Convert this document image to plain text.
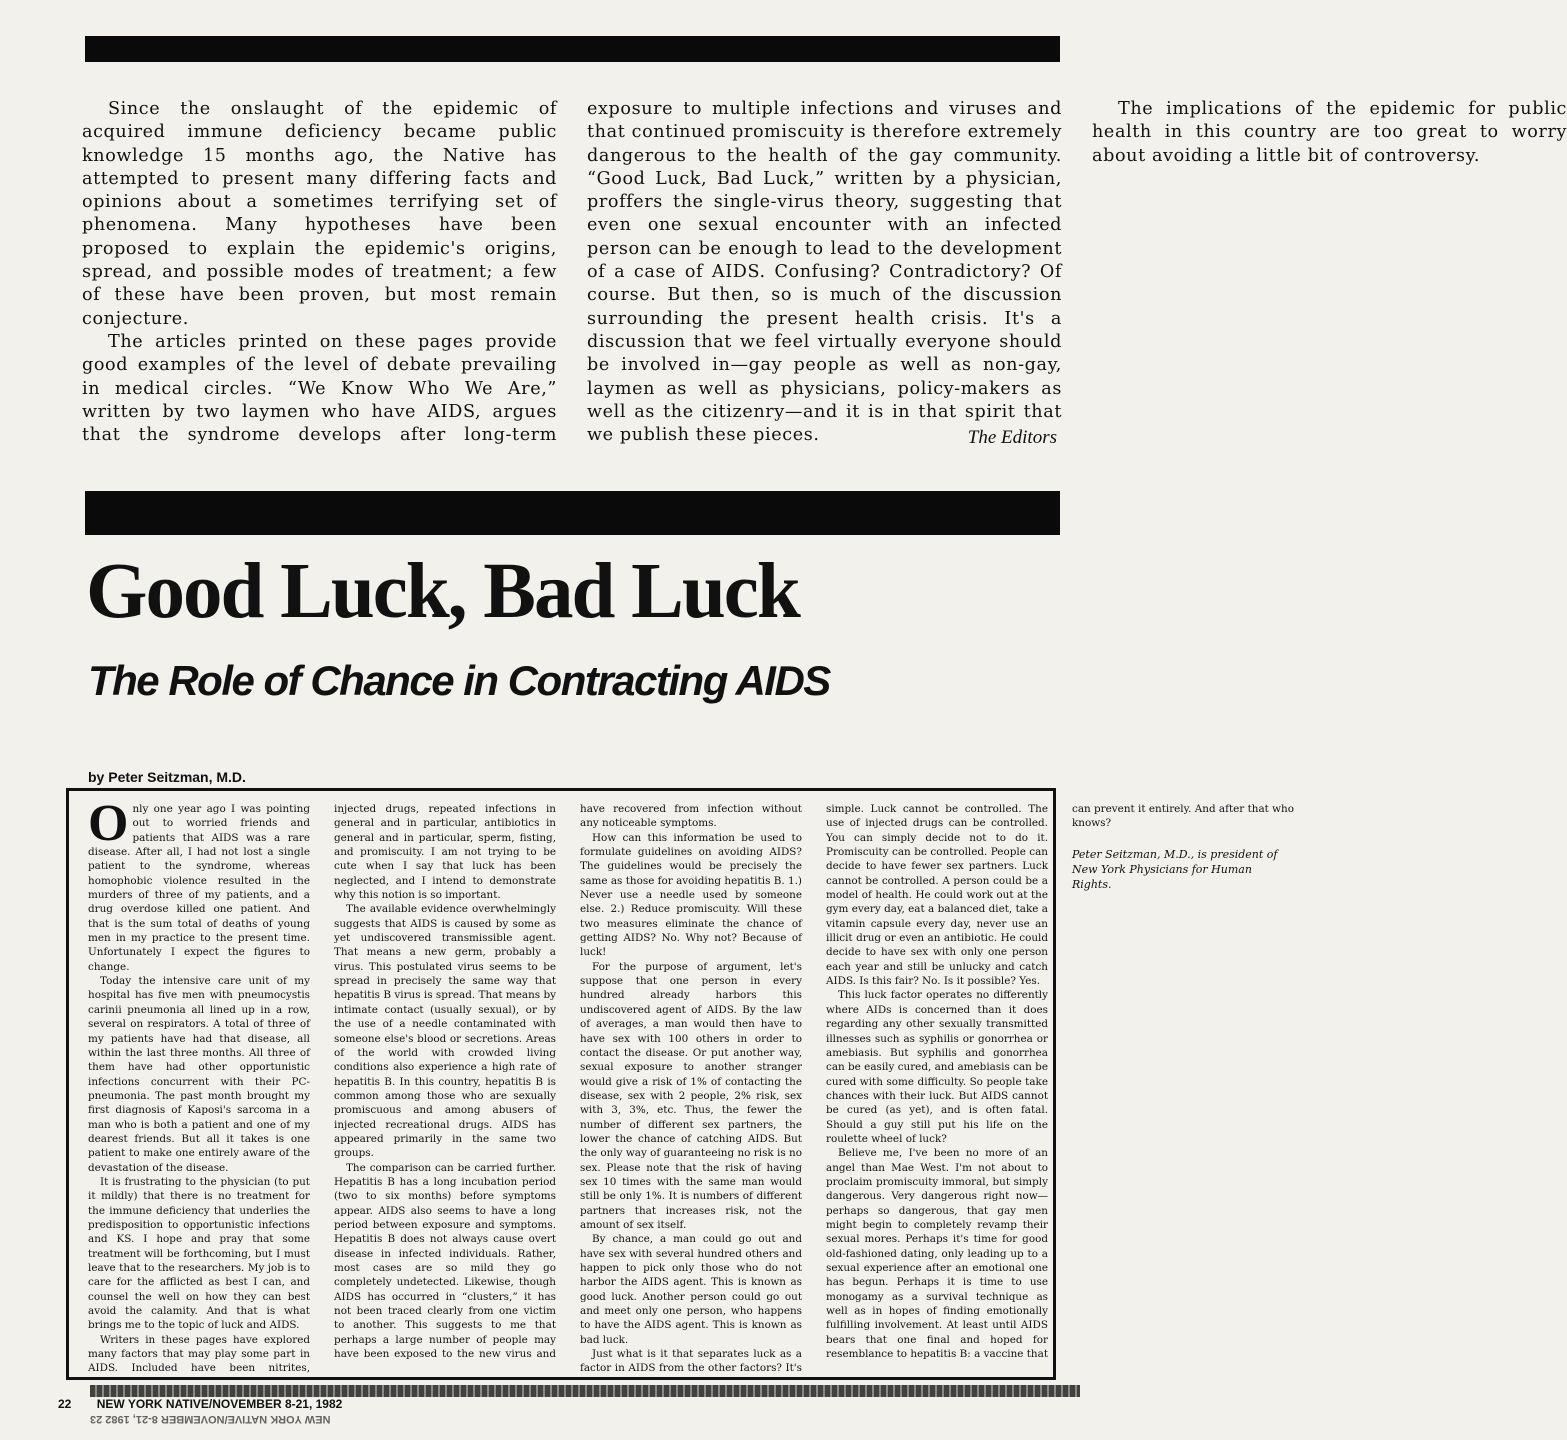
Since the onslaught of the epidemic of acquired immune deficiency became public knowledge 15 months ago, the Native has attempted to present many differing facts and opinions about a sometimes terrifying set of phenomena. Many hypotheses have been proposed to explain the epidemic's origins, spread, and possible modes of treatment; a few of these have been proven, but most remain conjecture.

The articles printed on these pages provide good examples of the level of debate prevailing in medical circles. “We Know Who We Are,” written by two laymen who have AIDS, argues that the syndrome develops after long-term exposure to multiple infections and viruses and that continued promiscuity is therefore extremely dangerous to the health of the gay community. “Good Luck, Bad Luck,” written by a physician, proffers the single-virus theory, suggesting that even one sexual encounter with an infected person can be enough to lead to the development of a case of AIDS. Confusing? Contradictory? Of course. But then, so is much of the discussion surrounding the present health crisis. It's a discussion that we feel virtually everyone should be involved in—gay people as well as non-gay, laymen as well as physicians, policy-makers as well as the citizenry—and it is in that spirit that we publish these pieces.

The implications of the epidemic for public health in this country are too great to worry about avoiding a little bit of controversy.

The Editors
Good Luck, Bad Luck
The Role of Chance in Contracting AIDS
by Peter Seitzman, M.D.

Only one year ago I was pointing out to worried friends and patients that AIDS was a rare disease. After all, I had not lost a single patient to the syndrome, whereas homophobic violence resulted in the murders of three of my patients, and a drug overdose killed one patient. And that is the sum total of deaths of young men in my practice to the present time. Unfortunately I expect the figures to change.

Today the intensive care unit of my hospital has five men with pneumocystis carinii pneumonia all lined up in a row, several on respirators. A total of three of my patients have had that disease, all within the last three months. All three of them have had other opportunistic infections concurrent with their PC-pneumonia. The past month brought my first diagnosis of Kaposi's sarcoma in a man who is both a patient and one of my dearest friends. But all it takes is one patient to make one entirely aware of the devastation of the disease.

It is frustrating to the physician (to put it mildly) that there is no treatment for the immune deficiency that underlies the predisposition to opportunistic infections and KS. I hope and pray that some treatment will be forthcoming, but I must leave that to the researchers. My job is to care for the afflicted as best I can, and counsel the well on how they can best avoid the calamity. And that is what brings me to the topic of luck and AIDS.

Writers in these pages have explored many factors that may play some part in AIDS. Included have been nitrites, injected drugs, repeated infections in general and in particular, antibiotics in general and in particular, sperm, fisting, and promiscuity. I am not trying to be cute when I say that luck has been neglected, and I intend to demonstrate why this notion is so important.

The available evidence overwhelmingly suggests that AIDS is caused by some as yet undiscovered transmissible agent. That means a new germ, probably a virus. This postulated virus seems to be spread in precisely the same way that hepatitis B virus is spread. That means by intimate contact (usually sexual), or by the use of a needle contaminated with someone else's blood or secretions. Areas of the world with crowded living conditions also experience a high rate of hepatitis B. In this country, hepatitis B is common among those who are sexually promiscuous and among abusers of injected recreational drugs. AIDS has appeared primarily in the same two groups.

The comparison can be carried further. Hepatitis B has a long incubation period (two to six months) before symptoms appear. AIDS also seems to have a long period between exposure and symptoms. Hepatitis B does not always cause overt disease in infected individuals. Rather, most cases are so mild they go completely undetected. Likewise, though AIDS has occurred in “clusters,” it has not been traced clearly from one victim to another. This suggests to me that perhaps a large number of people may have been exposed to the new virus and have recovered from infection without any noticeable symptoms.

How can this information be used to formulate guidelines on avoiding AIDS? The guidelines would be precisely the same as those for avoiding hepatitis B. 1.) Never use a needle used by someone else. 2.) Reduce promiscuity. Will these two measures eliminate the chance of getting AIDS? No. Why not? Because of luck!

For the purpose of argument, let's suppose that one person in every hundred already harbors this undiscovered agent of AIDS. By the law of averages, a man would then have to have sex with 100 others in order to contact the disease. Or put another way, sexual exposure to another stranger would give a risk of 1% of contacting the disease, sex with 2 people, 2% risk, sex with 3, 3%, etc. Thus, the fewer the number of different sex partners, the lower the chance of catching AIDS. But the only way of guaranteeing no risk is no sex. Please note that the risk of having sex 10 times with the same man would still be only 1%. It is numbers of different partners that increases risk, not the amount of sex itself.

By chance, a man could go out and have sex with several hundred others and happen to pick only those who do not harbor the AIDS agent. This is known as good luck. Another person could go out and meet only one person, who happens to have the AIDS agent. This is known as bad luck.

Just what is it that separates luck as a factor in AIDS from the other factors? It's simple. Luck cannot be controlled. The use of injected drugs can be controlled. You can simply decide not to do it. Promiscuity can be controlled. People can decide to have fewer sex partners. Luck cannot be controlled. A person could be a model of health. He could work out at the gym every day, eat a balanced diet, take a vitamin capsule every day, never use an illicit drug or even an antibiotic. He could decide to have sex with only one person each year and still be unlucky and catch AIDS. Is this fair? No. Is it possible? Yes.

This luck factor operates no differently where AIDs is concerned than it does regarding any other sexually transmitted illnesses such as syphilis or gonorrhea or amebiasis. But syphilis and gonorrhea can be easily cured, and amebiasis can be cured with some difficulty. So people take chances with their luck. But AIDS cannot be cured (as yet), and is often fatal. Should a guy still put his life on the roulette wheel of luck?

Believe me, I've been no more of an angel than Mae West. I'm not about to proclaim promiscuity immoral, but simply dangerous. Very dangerous right now—perhaps so dangerous, that gay men might begin to completely revamp their sexual mores. Perhaps it's time for good old-fashioned dating, only leading up to a sexual experience after an emotional one has begun. Perhaps it is time to use monogamy as a survival technique as well as in hopes of finding emotionally fulfilling involvement. At least until AIDS bears that one final and hoped for resemblance to hepatitis B: a vaccine that can prevent it entirely. And after that who knows?

Peter Seitzman, M.D., is president of New York Physicians for Human Rights.

22 NEW YORK NATIVE/NOVEMBER 8-21, 1982
NEW YORK NATIVE/NOVEMBER 8-21, 1982 23
